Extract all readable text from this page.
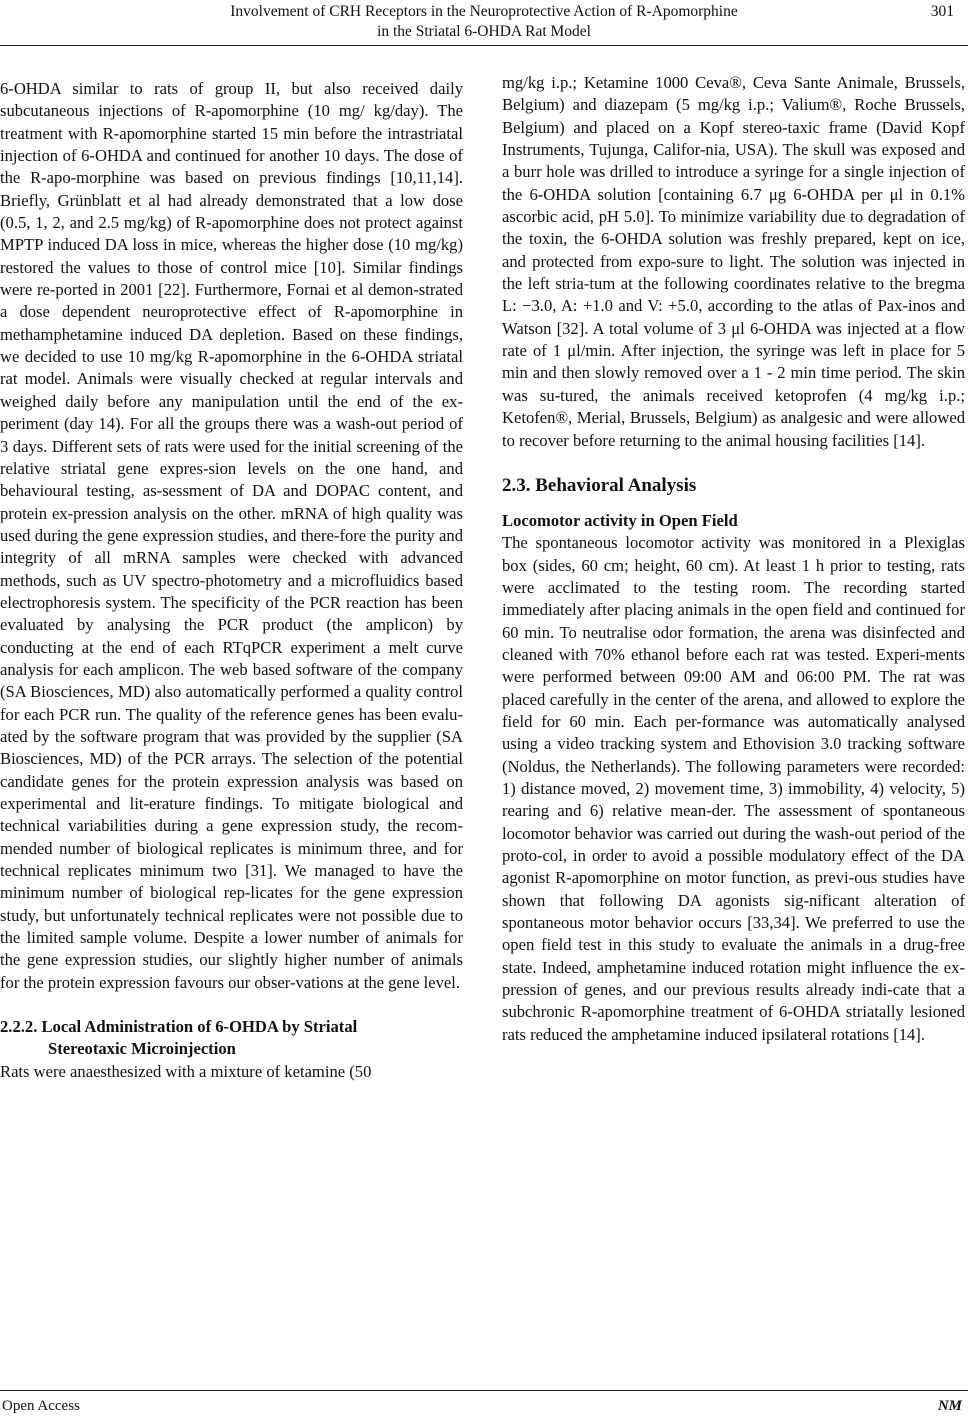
Involvement of CRH Receptors in the Neuroprotective Action of R-Apomorphine
in the Striatal 6-OHDA Rat Model
301

6-OHDA similar to rats of group II, but also received daily subcutaneous injections of R-apomorphine (10 mg/ kg/day). The treatment with R-apomorphine started 15 min before the intrastriatal injection of 6-OHDA and continued for another 10 days. The dose of the R-apo-morphine was based on previous findings [10,11,14]. Briefly, Grünblatt et al had already demonstrated that a low dose (0.5, 1, 2, and 2.5 mg/kg) of R-apomorphine does not protect against MPTP induced DA loss in mice, whereas the higher dose (10 mg/kg) restored the values to those of control mice [10]. Similar findings were re-ported in 2001 [22]. Furthermore, Fornai et al demon-strated a dose dependent neuroprotective effect of R-apomorphine in methamphetamine induced DA depletion. Based on these findings, we decided to use 10 mg/kg R-apomorphine in the 6-OHDA striatal rat model. Animals were visually checked at regular intervals and weighed daily before any manipulation until the end of the ex-periment (day 14). For all the groups there was a wash-out period of 3 days. Different sets of rats were used for the initial screening of the relative striatal gene expres-sion levels on the one hand, and behavioural testing, as-sessment of DA and DOPAC content, and protein ex-pression analysis on the other. mRNA of high quality was used during the gene expression studies, and there-fore the purity and integrity of all mRNA samples were checked with advanced methods, such as UV spectro-photometry and a microfluidics based electrophoresis system. The specificity of the PCR reaction has been evaluated by analysing the PCR product (the amplicon) by conducting at the end of each RTqPCR experiment a melt curve analysis for each amplicon. The web based software of the company (SA Biosciences, MD) also automatically performed a quality control for each PCR run. The quality of the reference genes has been evalu-ated by the software program that was provided by the supplier (SA Biosciences, MD) of the PCR arrays. The selection of the potential candidate genes for the protein expression analysis was based on experimental and lit-erature findings. To mitigate biological and technical variabilities during a gene expression study, the recom-mended number of biological replicates is minimum three, and for technical replicates minimum two [31]. We managed to have the minimum number of biological rep-licates for the gene expression study, but unfortunately technical replicates were not possible due to the limited sample volume. Despite a lower number of animals for the gene expression studies, our slightly higher number of animals for the protein expression favours our obser-vations at the gene level.

2.2.2. Local Administration of 6-OHDA by Striatal
Stereotaxic Microinjection

Rats were anaesthesized with a mixture of ketamine (50

mg/kg i.p.; Ketamine 1000 Ceva®, Ceva Sante Animale, Brussels, Belgium) and diazepam (5 mg/kg i.p.; Valium®, Roche Brussels, Belgium) and placed on a Kopf stereo-taxic frame (David Kopf Instruments, Tujunga, Califor-nia, USA). The skull was exposed and a burr hole was drilled to introduce a syringe for a single injection of the 6-OHDA solution [containing 6.7 μg 6-OHDA per μl in 0.1% ascorbic acid, pH 5.0]. To minimize variability due to degradation of the toxin, the 6-OHDA solution was freshly prepared, kept on ice, and protected from expo-sure to light. The solution was injected in the left stria-tum at the following coordinates relative to the bregma L: −3.0, A: +1.0 and V: +5.0, according to the atlas of Pax-inos and Watson [32]. A total volume of 3 μl 6-OHDA was injected at a flow rate of 1 μl/min. After injection, the syringe was left in place for 5 min and then slowly removed over a 1 - 2 min time period. The skin was su-tured, the animals received ketoprofen (4 mg/kg i.p.; Ketofen®, Merial, Brussels, Belgium) as analgesic and were allowed to recover before returning to the animal housing facilities [14].

2.3. Behavioral Analysis
Locomotor activity in Open Field

The spontaneous locomotor activity was monitored in a Plexiglas box (sides, 60 cm; height, 60 cm). At least 1 h prior to testing, rats were acclimated to the testing room. The recording started immediately after placing animals in the open field and continued for 60 min. To neutralise odor formation, the arena was disinfected and cleaned with 70% ethanol before each rat was tested. Experi-ments were performed between 09:00 AM and 06:00 PM. The rat was placed carefully in the center of the arena, and allowed to explore the field for 60 min. Each per-formance was automatically analysed using a video tracking system and Ethovision 3.0 tracking software (Noldus, the Netherlands). The following parameters were recorded: 1) distance moved, 2) movement time, 3) immobility, 4) velocity, 5) rearing and 6) relative mean-der. The assessment of spontaneous locomotor behavior was carried out during the wash-out period of the proto-col, in order to avoid a possible modulatory effect of the DA agonist R-apomorphine on motor function, as previ-ous studies have shown that following DA agonists sig-nificant alteration of spontaneous motor behavior occurs [33,34]. We preferred to use the open field test in this study to evaluate the animals in a drug-free state. Indeed, amphetamine induced rotation might influence the ex-pression of genes, and our previous results already indi-cate that a subchronic R-apomorphine treatment of 6-OHDA striatally lesioned rats reduced the amphetamine induced ipsilateral rotations [14].

Open Access	NM
